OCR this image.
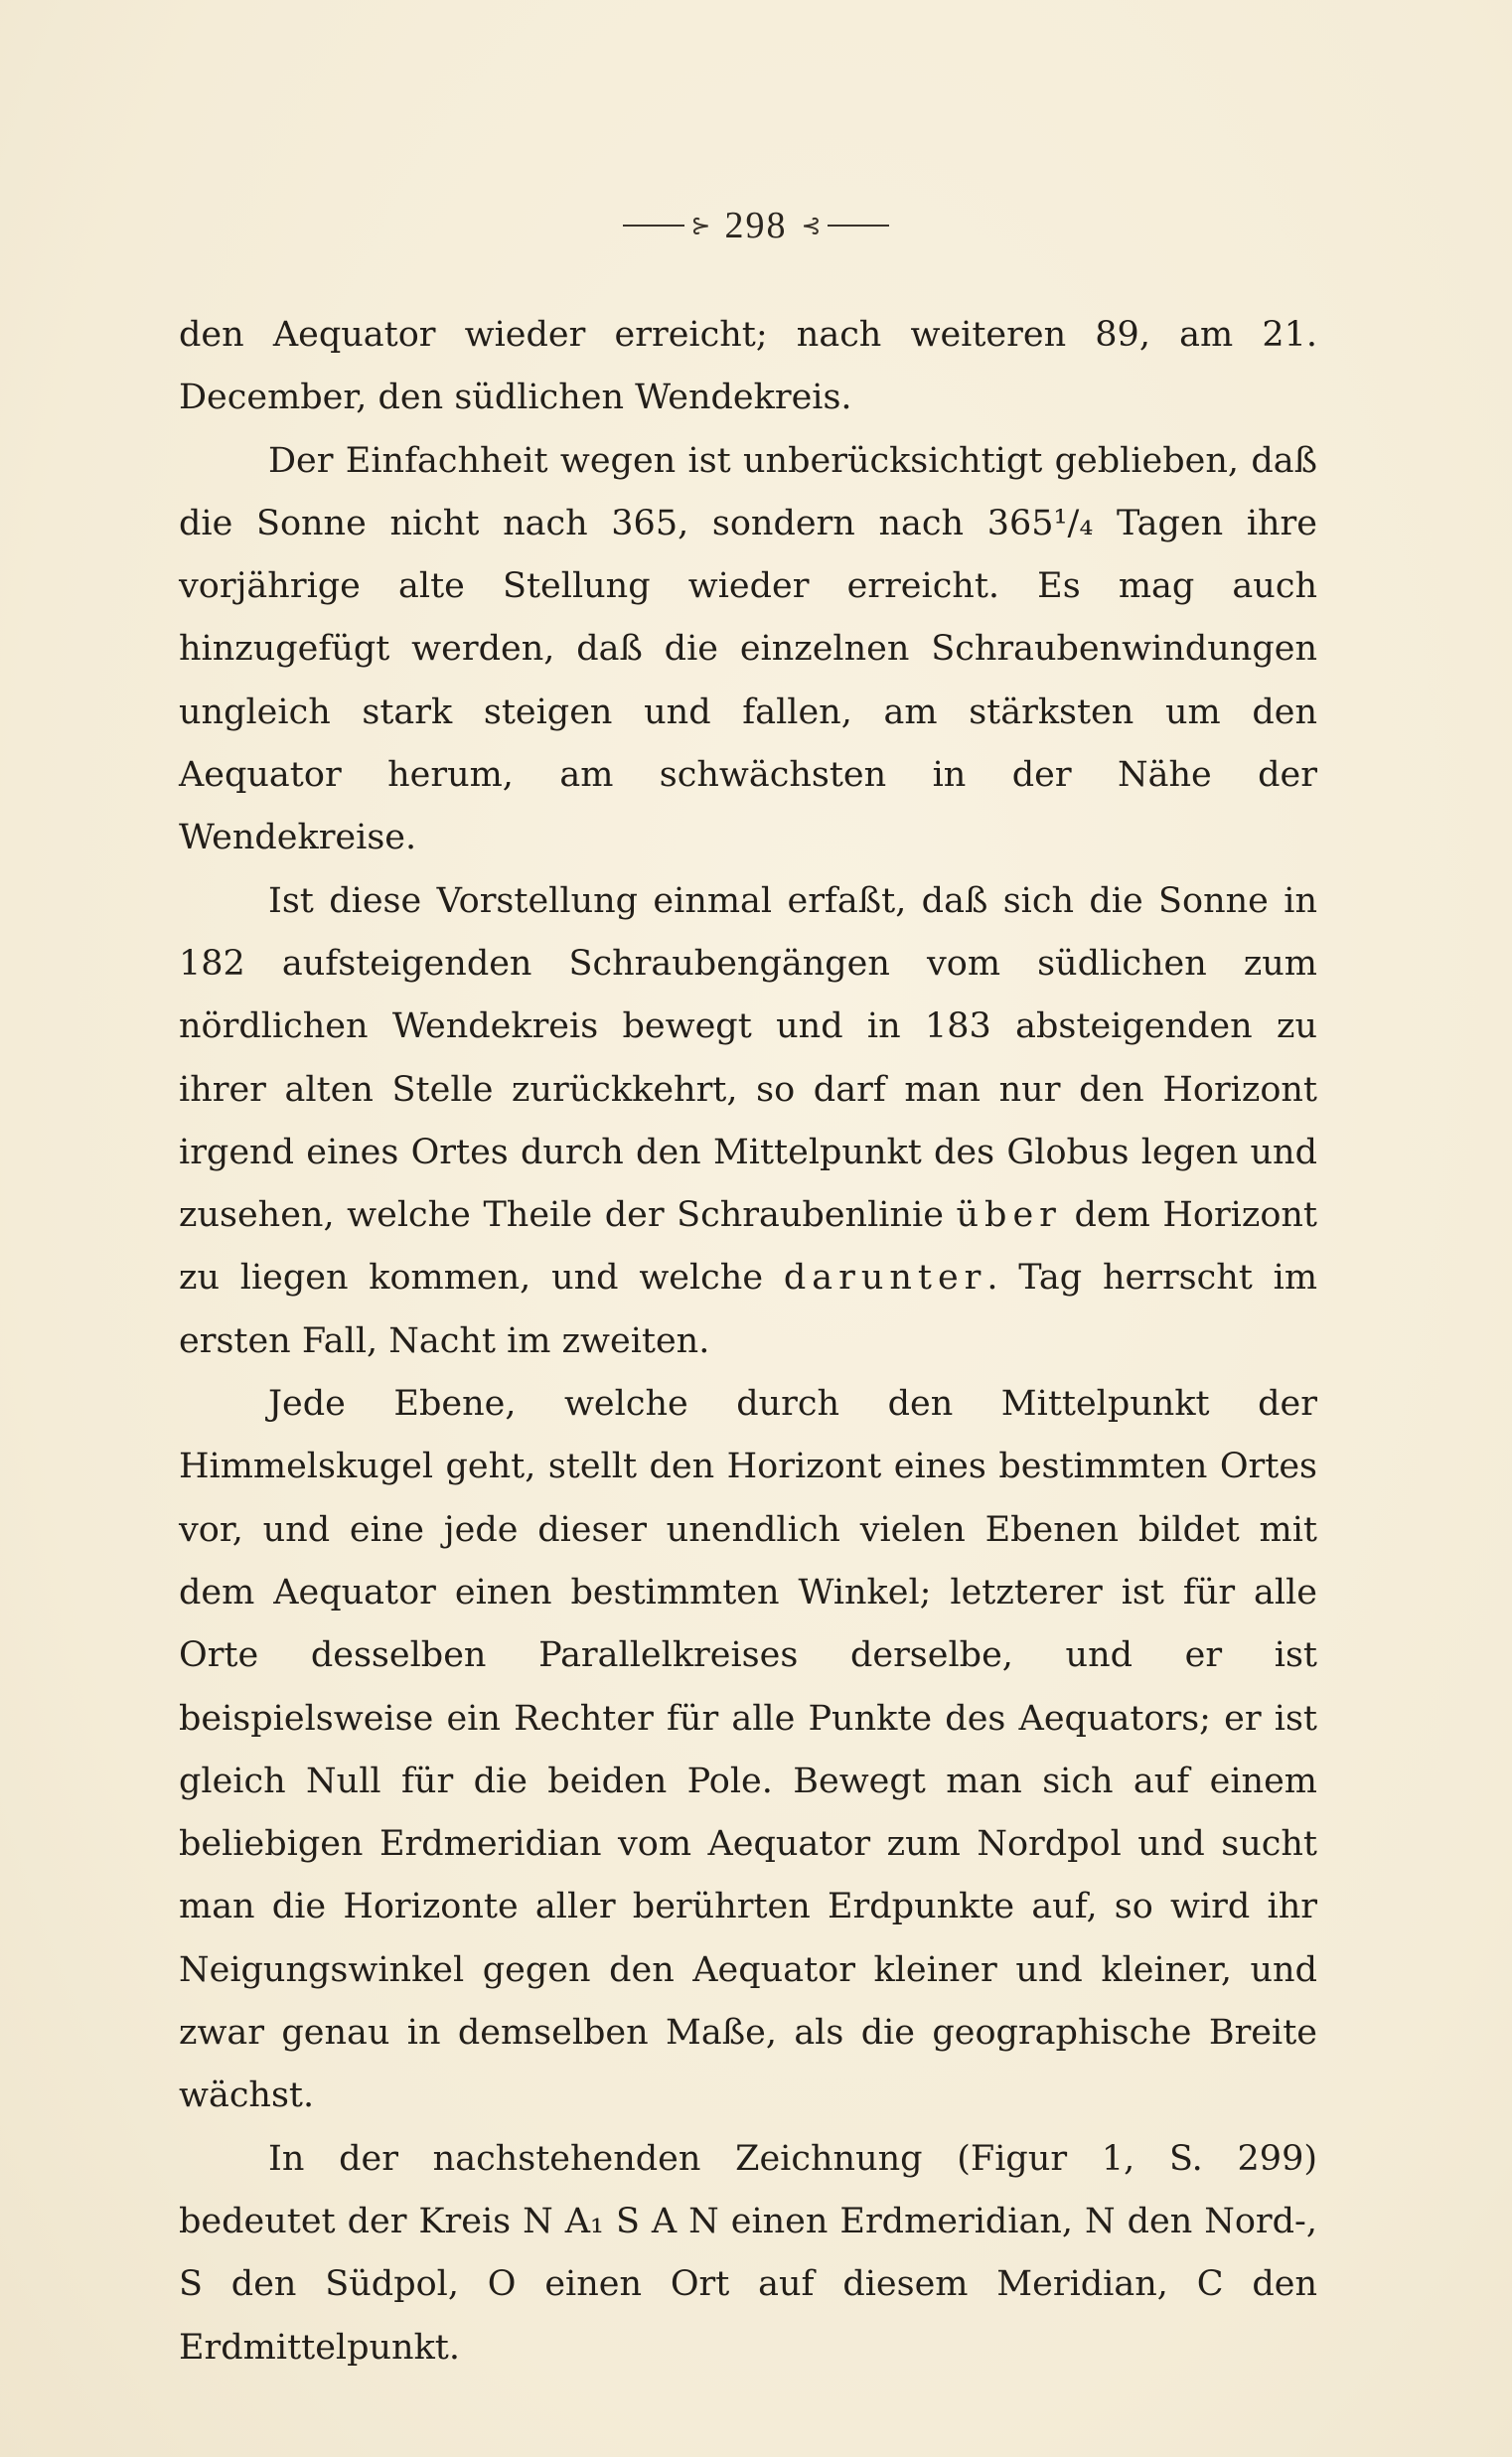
⊱ 298 ⊰

den Aequator wieder erreicht; nach weiteren 89, am 21. December, den südlichen Wendekreis.

Der Einfachheit wegen ist unberücksichtigt geblieben, daß die Sonne nicht nach 365, sondern nach 365¹/₄ Tagen ihre vorjährige alte Stellung wieder erreicht. Es mag auch hinzugefügt werden, daß die einzelnen Schraubenwindungen ungleich stark steigen und fallen, am stärksten um den Aequator herum, am schwächsten in der Nähe der Wendekreise.

Ist diese Vorstellung einmal erfaßt, daß sich die Sonne in 182 aufsteigenden Schraubengängen vom südlichen zum nördlichen Wendekreis bewegt und in 183 absteigenden zu ihrer alten Stelle zurückkehrt, so darf man nur den Horizont irgend eines Ortes durch den Mittelpunkt des Globus legen und zusehen, welche Theile der Schraubenlinie über dem Horizont zu liegen kommen, und welche darunter. Tag herrscht im ersten Fall, Nacht im zweiten.

Jede Ebene, welche durch den Mittelpunkt der Himmelskugel geht, stellt den Horizont eines bestimmten Ortes vor, und eine jede dieser unendlich vielen Ebenen bildet mit dem Aequator einen bestimmten Winkel; letzterer ist für alle Orte desselben Parallelkreises derselbe, und er ist beispielsweise ein Rechter für alle Punkte des Aequators; er ist gleich Null für die beiden Pole. Bewegt man sich auf einem beliebigen Erdmeridian vom Aequator zum Nordpol und sucht man die Horizonte aller berührten Erdpunkte auf, so wird ihr Neigungswinkel gegen den Aequator kleiner und kleiner, und zwar genau in demselben Maße, als die geographische Breite wächst.

In der nachstehenden Zeichnung (Figur 1, S. 299) bedeutet der Kreis N A₁ S A N einen Erdmeridian, N den Nord-, S den Südpol, O einen Ort auf diesem Meridian, C den Erdmittelpunkt.
